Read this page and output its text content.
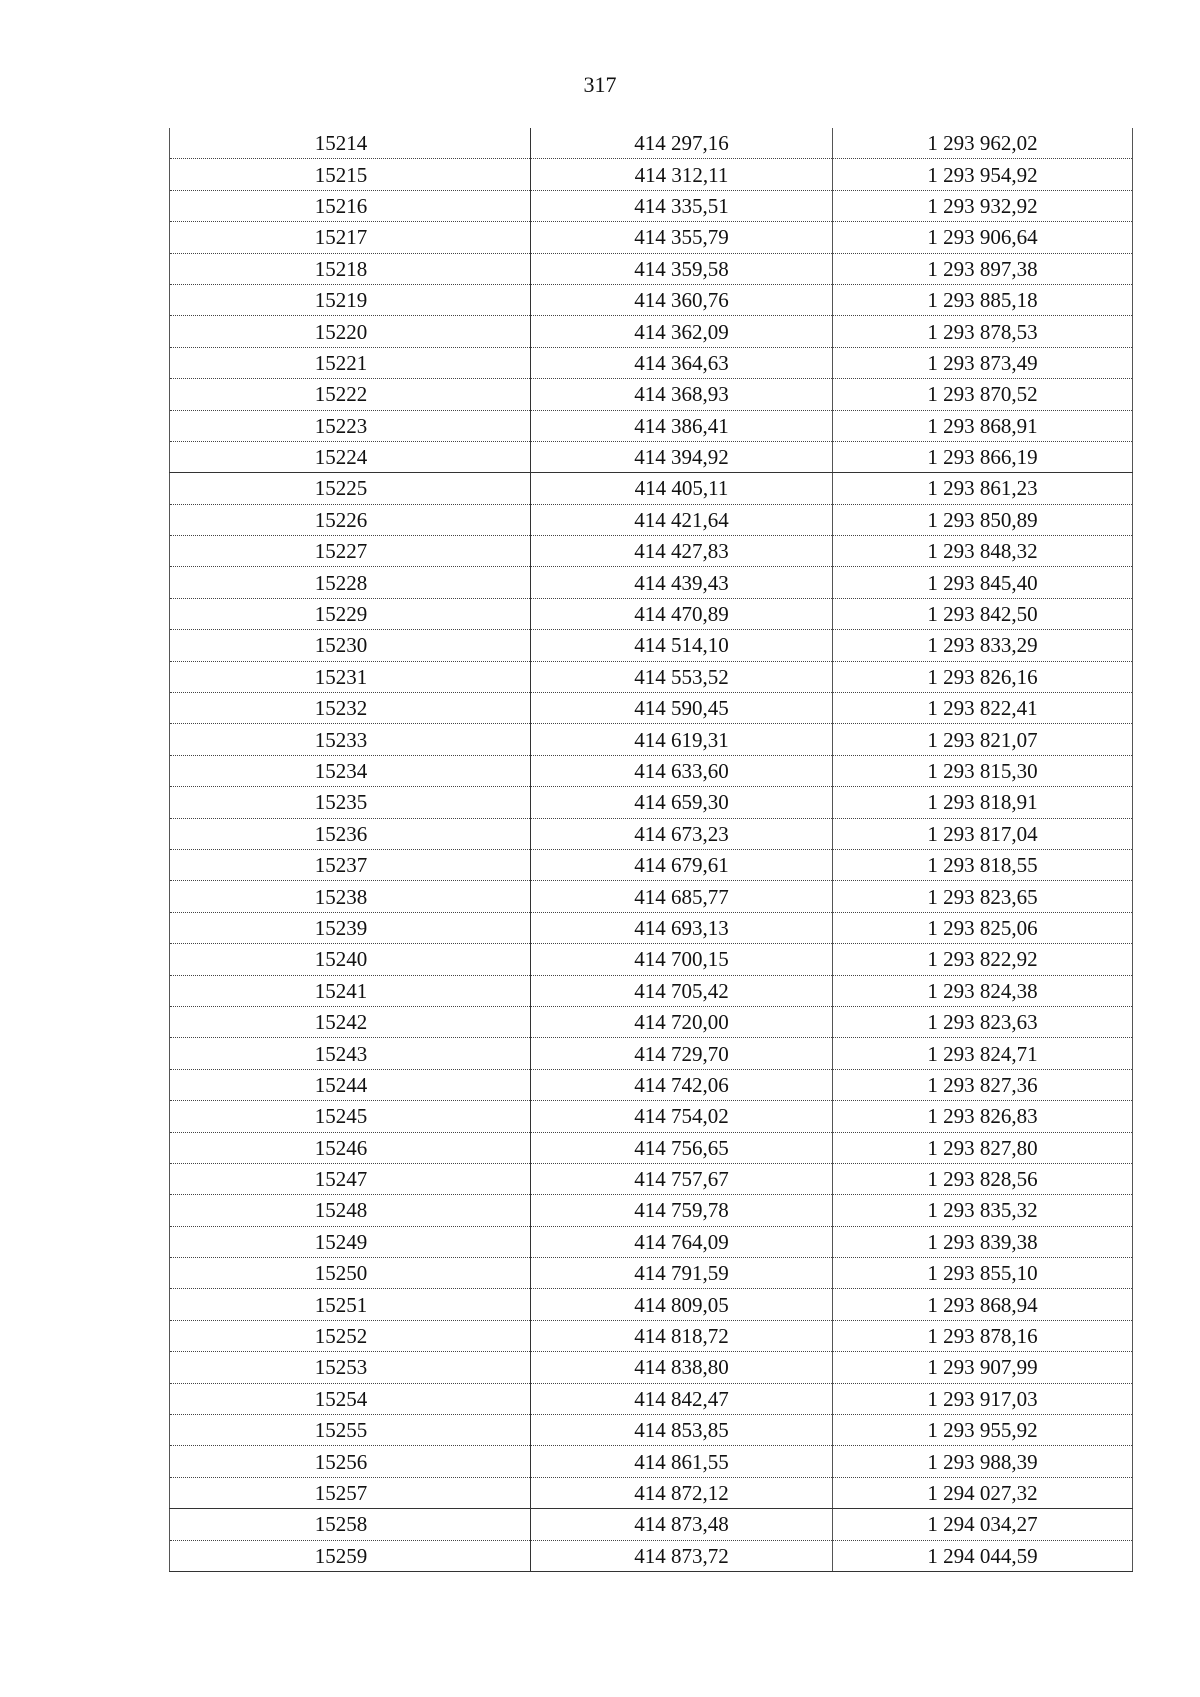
317
15214	414 297,16	1 293 962,02
15215	414 312,11	1 293 954,92
15216	414 335,51	1 293 932,92
15217	414 355,79	1 293 906,64
15218	414 359,58	1 293 897,38
15219	414 360,76	1 293 885,18
15220	414 362,09	1 293 878,53
15221	414 364,63	1 293 873,49
15222	414 368,93	1 293 870,52
15223	414 386,41	1 293 868,91
15224	414 394,92	1 293 866,19
15225	414 405,11	1 293 861,23
15226	414 421,64	1 293 850,89
15227	414 427,83	1 293 848,32
15228	414 439,43	1 293 845,40
15229	414 470,89	1 293 842,50
15230	414 514,10	1 293 833,29
15231	414 553,52	1 293 826,16
15232	414 590,45	1 293 822,41
15233	414 619,31	1 293 821,07
15234	414 633,60	1 293 815,30
15235	414 659,30	1 293 818,91
15236	414 673,23	1 293 817,04
15237	414 679,61	1 293 818,55
15238	414 685,77	1 293 823,65
15239	414 693,13	1 293 825,06
15240	414 700,15	1 293 822,92
15241	414 705,42	1 293 824,38
15242	414 720,00	1 293 823,63
15243	414 729,70	1 293 824,71
15244	414 742,06	1 293 827,36
15245	414 754,02	1 293 826,83
15246	414 756,65	1 293 827,80
15247	414 757,67	1 293 828,56
15248	414 759,78	1 293 835,32
15249	414 764,09	1 293 839,38
15250	414 791,59	1 293 855,10
15251	414 809,05	1 293 868,94
15252	414 818,72	1 293 878,16
15253	414 838,80	1 293 907,99
15254	414 842,47	1 293 917,03
15255	414 853,85	1 293 955,92
15256	414 861,55	1 293 988,39
15257	414 872,12	1 294 027,32
15258	414 873,48	1 294 034,27
15259	414 873,72	1 294 044,59
